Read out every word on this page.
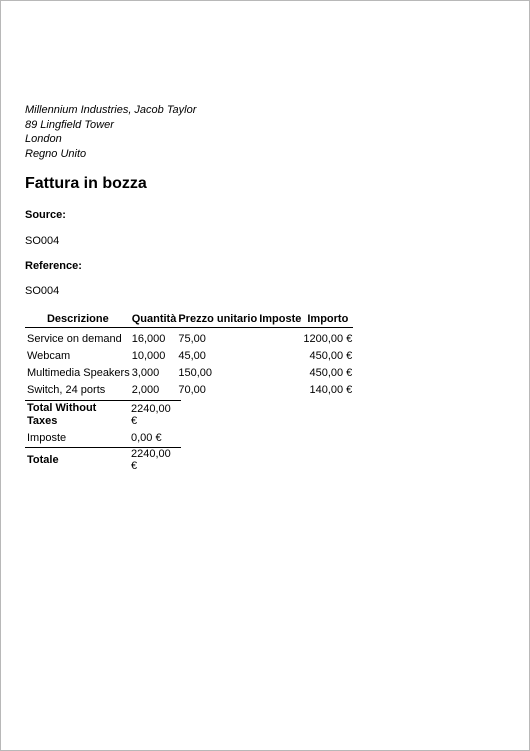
Millennium Industries, Jacob Taylor
89 Lingfield Tower
London
Regno Unito
Fattura in bozza
Source:
SO004
Reference:
SO004
Descrizione	Quantità	Prezzo unitario	Imposte	Importo
Service on demand	16,000	75,00		1200,00 €
Webcam	10,000	45,00		450,00 €
Multimedia Speakers	3,000	150,00		450,00 €
Switch, 24 ports	2,000	70,00		140,00 €
Total Without Taxes	2240,00 €
Imposte	0,00 €
Totale	2240,00 €
